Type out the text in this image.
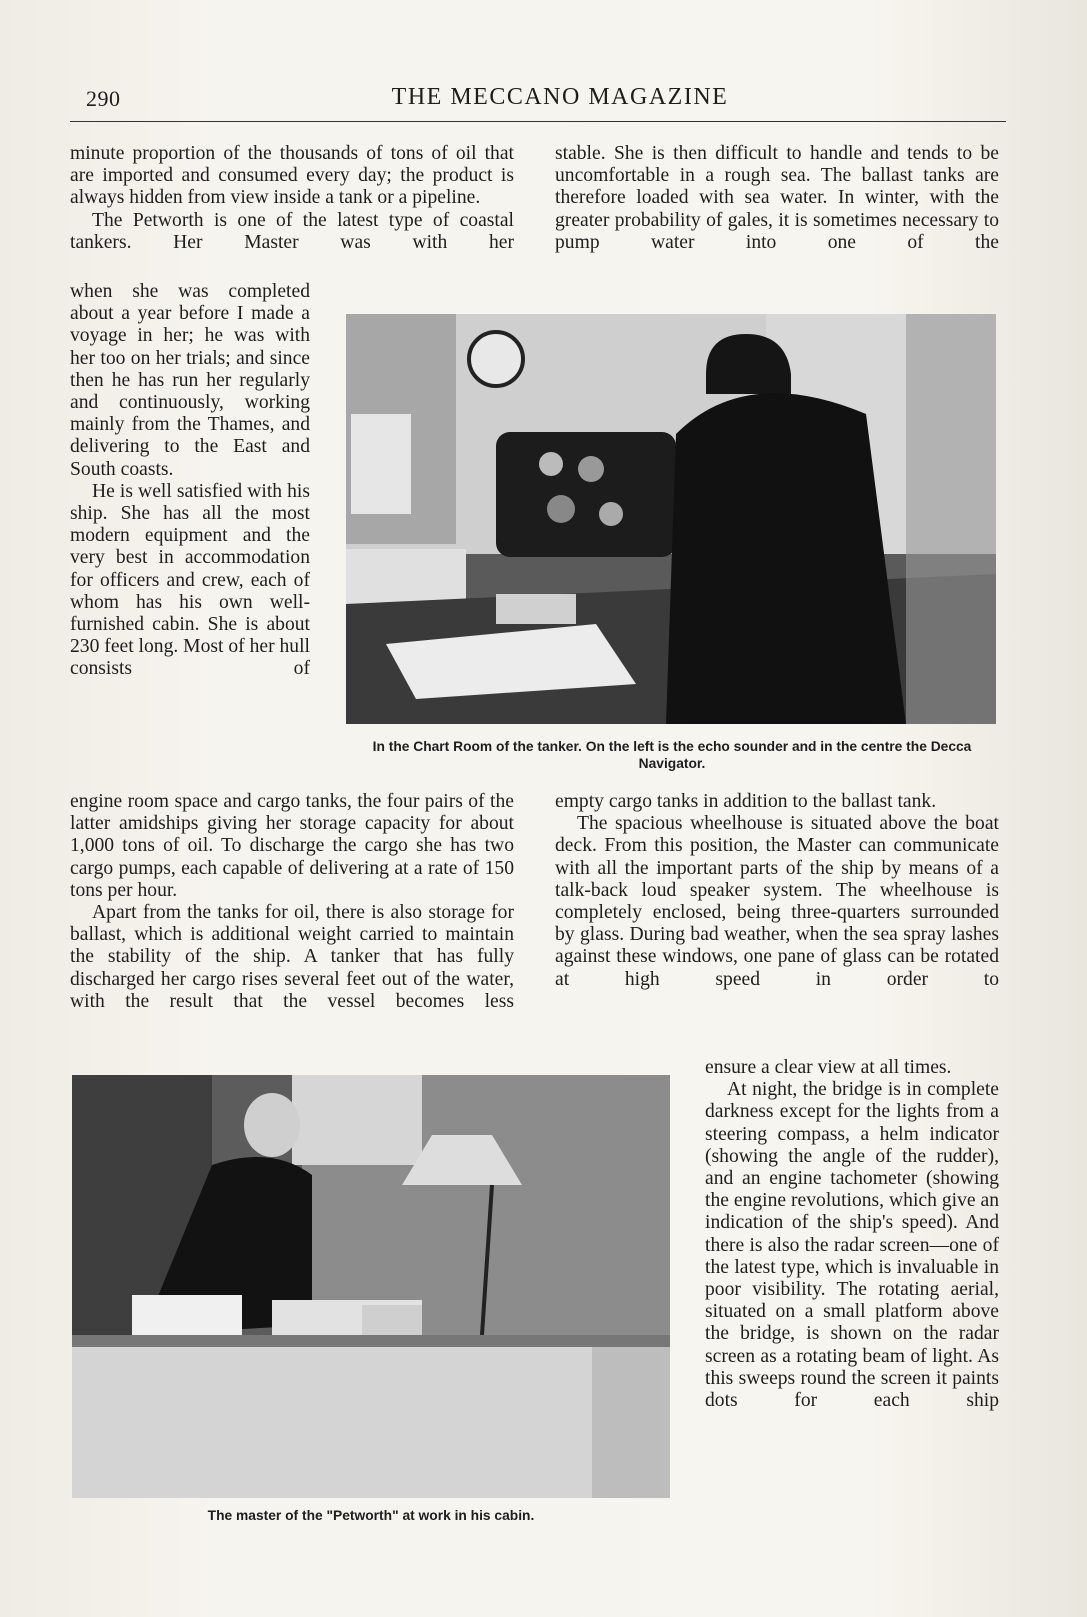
290	THE MECCANO MAGAZINE

minute proportion of the thousands of tons of oil that are imported and consumed every day; the product is always hidden from view inside a tank or a pipeline.

The Petworth is one of the latest type of coastal tankers. Her Master was with her

when she was completed about a year before I made a voyage in her; he was with her too on her trials; and since then he has run her regularly and continuously, working mainly from the Thames, and delivering to the East and South coasts.

He is well satisfied with his ship. She has all the most modern equipment and the very best in accommodation for officers and crew, each of whom has his own well-furnished cabin. She is about 230 feet long. Most of her hull consists of

engine room space and cargo tanks, the four pairs of the latter amidships giving her storage capacity for about 1,000 tons of oil. To discharge the cargo she has two cargo pumps, each capable of delivering at a rate of 150 tons per hour.

Apart from the tanks for oil, there is also storage for ballast, which is additional weight carried to maintain the stability of the ship. A tanker that has fully discharged her cargo rises several feet out of the water, with the result that the vessel becomes less

stable. She is then difficult to handle and tends to be uncomfortable in a rough sea. The ballast tanks are therefore loaded with sea water. In winter, with the greater probability of gales, it is sometimes necessary to pump water into one of the

empty cargo tanks in addition to the ballast tank.

The spacious wheelhouse is situated above the boat deck. From this position, the Master can communicate with all the important parts of the ship by means of a talk-back loud speaker system. The wheelhouse is completely enclosed, being three-quarters surrounded by glass. During bad weather, when the sea spray lashes against these windows, one pane of glass can be rotated at high speed in order to

ensure a clear view at all times.

At night, the bridge is in complete darkness except for the lights from a steering compass, a helm indicator (showing the angle of the rudder), and an engine tachometer (showing the engine revolutions, which give an indication of the ship's speed). And there is also the radar screen—one of the latest type, which is invaluable in poor visibility. The rotating aerial, situated on a small platform above the bridge, is shown on the radar screen as a rotating beam of light. As this sweeps round the screen it paints dots for each ship

In the Chart Room of the tanker. On the left is the echo sounder and in the centre the Decca Navigator.
The master of the "Petworth" at work in his cabin.
